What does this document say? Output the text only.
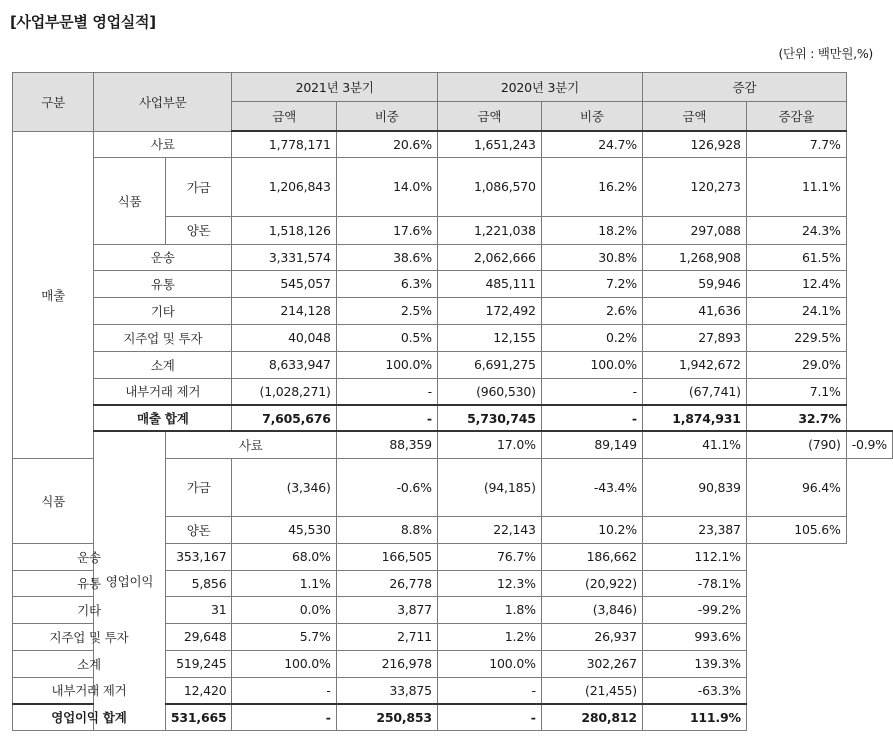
[사업부문별 영업실적]
(단위 : 백만원,%)
구분	사업부문		2021년 3분기		2020년 3분기		증감		
			금액	비중	금액	비중	금액	증감율	
매출	사료		1,778,171	20.6%	1,651,243	24.7%	126,928	7.7%	
	식품	가금	1,206,843	14.0%	1,086,570	16.2%	120,273	11.1%	
		양돈	1,518,126	17.6%	1,221,038	18.2%	297,088	24.3%	
	운송		3,331,574	38.6%	2,062,666	30.8%	1,268,908	61.5%	
	유통		545,057	6.3%	485,111	7.2%	59,946	12.4%	
	기타		214,128	2.5%	172,492	2.6%	41,636	24.1%	
	지주업 및 투자		40,048	0.5%	12,155	0.2%	27,893	229.5%	
	소계		8,633,947	100.0%	6,691,275	100.0%	1,942,672	29.0%	
	내부거래 제거		(1,028,271)	-	(960,530)	-	(67,741)	7.1%	
	매출 합계		7,605,676	-	5,730,745	-	1,874,931	32.7%	
	영업이익	사료		88,359	17.0%	89,149	41.1%	(790)	-0.9%
식품		가금	(3,346)	-0.6%	(94,185)	-43.4%	90,839	96.4%	
		양돈	45,530	8.8%	22,143	10.2%	23,387	105.6%	
운송		353,167	68.0%	166,505	76.7%	186,662	112.1%		
유통		5,856	1.1%	26,778	12.3%	(20,922)	-78.1%		
기타		31	0.0%	3,877	1.8%	(3,846)	-99.2%		
지주업 및 투자		29,648	5.7%	2,711	1.2%	26,937	993.6%		
소계		519,245	100.0%	216,978	100.0%	302,267	139.3%		
내부거래 제거		12,420	-	33,875	-	(21,455)	-63.3%		
영업이익 합계		531,665	-	250,853	-	280,812	111.9%		
